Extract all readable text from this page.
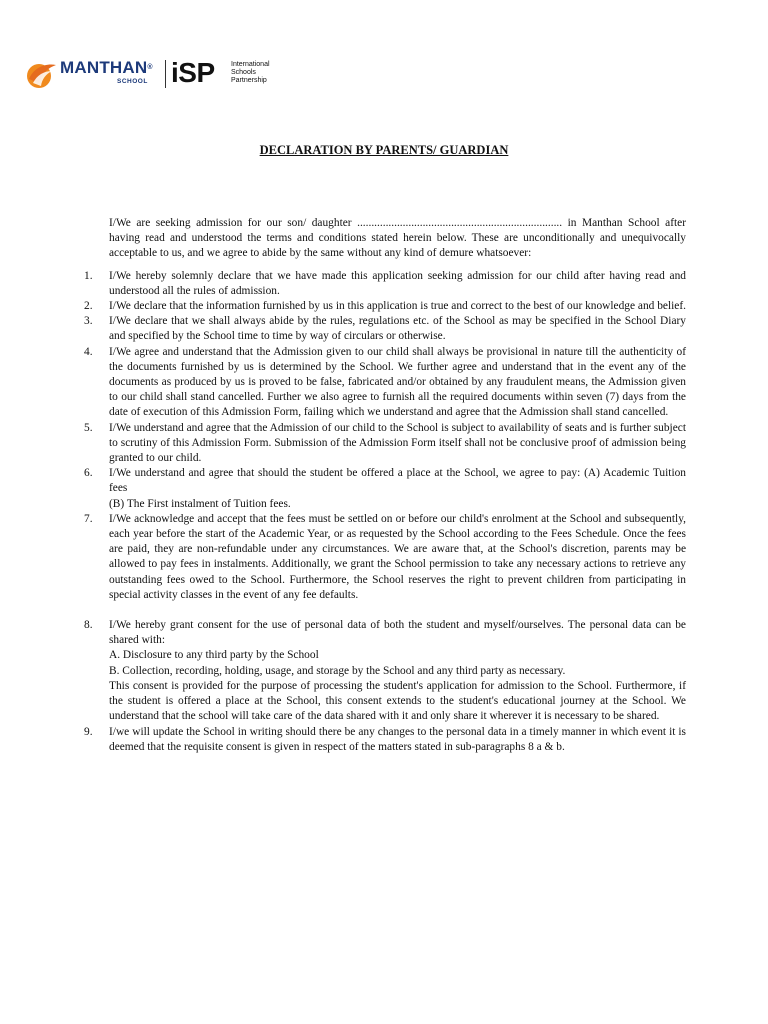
MANTHAN®
SCHOOL iSP International
Schools
Partnership
DECLARATION BY PARENTS/ GUARDIAN

I/We are seeking admission for our son/ daughter ........................................................................ in Manthan School after having read and understood the terms and conditions stated herein below. These are unconditionally and unequivocally acceptable to us, and we agree to abide by the same without any kind of demure whatsoever:

1.	I/We hereby solemnly declare that we have made this application seeking admission for our child after having read and understood all the rules of admission.

2.	I/We declare that the information furnished by us in this application is true and correct to the best of our knowledge and belief.

3.	I/We declare that we shall always abide by the rules, regulations etc. of the School as may be specified in the School Diary and specified by the School time to time by way of circulars or otherwise.

4.	I/We agree and understand that the Admission given to our child shall always be provisional in nature till the authenticity of the documents furnished by us is determined by the School. We further agree and understand that in the event any of the documents as produced by us is proved to be false, fabricated and/or obtained by any fraudulent means, the Admission given to our child shall stand cancelled. Further we also agree to furnish all the required documents within seven (7) days from the date of execution of this Admission Form, failing which we understand and agree that the Admission shall stand cancelled.

5.	I/We understand and agree that the Admission of our child to the School is subject to availability of seats and is further subject to scrutiny of this Admission Form. Submission of the Admission Form itself shall not be conclusive proof of admission being granted to our child.

6.	I/We understand and agree that should the student be offered a place at the School, we agree to pay: (A) Academic Tuition fees

(B) The First instalment of Tuition fees.

7.	I/We acknowledge and accept that the fees must be settled on or before our child's enrolment at the School and subsequently, each year before the start of the Academic Year, or as requested by the School according to the Fees Schedule. Once the fees are paid, they are non-refundable under any circumstances. We are aware that, at the School's discretion, parents may be allowed to pay fees in instalments. Additionally, we grant the School permission to take any necessary actions to retrieve any outstanding fees owed to the School. Furthermore, the School reserves the right to prevent children from participating in special activity classes in the event of any fee defaults.

8.	I/We hereby grant consent for the use of personal data of both the student and myself/ourselves. The personal data can be shared with:

A. Disclosure to any third party by the School

B. Collection, recording, holding, usage, and storage by the School and any third party as necessary.

This consent is provided for the purpose of processing the student's application for admission to the School. Furthermore, if the student is offered a place at the School, this consent extends to the student's educational journey at the School. We understand that the school will take care of the data shared with it and only share it wherever it is necessary to be shared.

9.	I/we will update the School in writing should there be any changes to the personal data in a timely manner in which event it is deemed that the requisite consent is given in respect of the matters stated in sub-paragraphs 8 a & b.
